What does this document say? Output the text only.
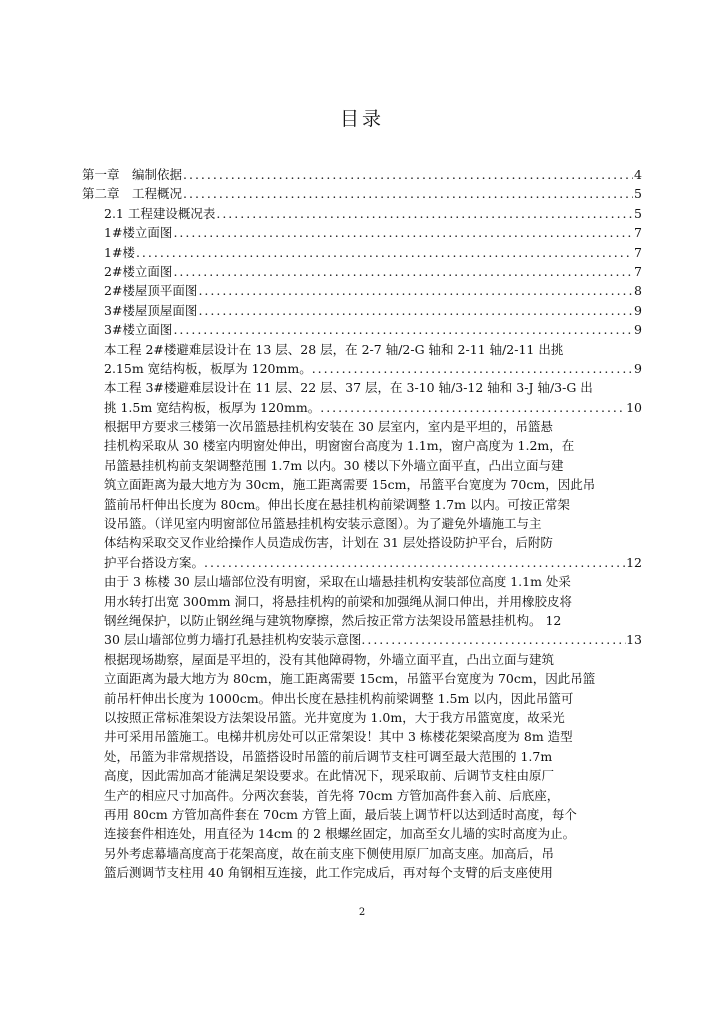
目录
第一章　编制依据 .....	4
第二章　工程概况 .....	5
2.1 工程建设概况表 .....	5
1#楼立面图 .....	7
1#楼 .....	7
2#楼立面图 .....	7
2#楼屋顶平面图 .....	8
3#楼屋顶屋面图 .....	9
3#楼立面图 .....	9
本工程 2#楼避难层设计在 13 层、28 层，在 2-7 轴/2-G 轴和 2-11 轴/2-11 出挑
2.15m 宽结构板，板厚为 120mm。 .....	9
本工程 3#楼避难层设计在 11 层、22 层、37 层，在 3-10 轴/3-12 轴和 3-J 轴/3-G 出
挑 1.5m 宽结构板，板厚为 120mm。 .....	10
根据甲方要求三楼第一次吊篮悬挂机构安装在 30 层室内，室内是平坦的，吊篮悬
挂机构采取从 30 楼室内明窗处伸出，明窗窗台高度为 1.1m，窗户高度为 1.2m，在
吊篮悬挂机构前支架调整范围 1.7m 以内。30 楼以下外墙立面平直，凸出立面与建
筑立面距离为最大地方为 30cm，施工距离需要 15cm，吊篮平台宽度为 70cm，因此吊
篮前吊杆伸出长度为 80cm。伸出长度在悬挂机构前梁调整 1.7m 以内。可按正常架
设吊篮。（详见室内明窗部位吊篮悬挂机构安装示意图）。为了避免外墙施工与主
体结构采取交叉作业给操作人员造成伤害，计划在 31 层处搭设防护平台，后附防
护平台搭设方案。 .....	12
由于 3 栋楼 30 层山墙部位没有明窗，采取在山墙悬挂机构安装部位高度 1.1m 处采
用水转打出宽 300mm 洞口，将悬挂机构的前梁和加强绳从洞口伸出，并用橡胶皮将
钢丝绳保护，以防止钢丝绳与建筑物摩擦，然后按正常方法架设吊篮悬挂机构。 12
30 层山墙部位剪力墙打孔悬挂机构安装示意图 .....	13
根据现场勘察，屋面是平坦的，没有其他障碍物，外墙立面平直，凸出立面与建筑
立面距离为最大地方为 80cm，施工距离需要 15cm，吊篮平台宽度为 70cm，因此吊篮
前吊杆伸出长度为 1000cm。伸出长度在悬挂机构前梁调整 1.5m 以内，因此吊篮可
以按照正常标准架设方法架设吊篮。光井宽度为 1.0m，大于我方吊篮宽度，故采光
井可采用吊篮施工。电梯井机房处可以正常架设！其中 3 栋楼花架梁高度为 8m 造型
处，吊篮为非常规搭设，吊篮搭设时吊篮的前后调节支柱可调至最大范围的 1.7m
高度，因此需加高才能满足架设要求。在此情况下，现采取前、后调节支柱由原厂
生产的相应尺寸加高件。分两次套装，首先将 70cm 方管加高件套入前、后底座，
再用 80cm 方管加高件套在 70cm 方管上面，最后装上调节杆以达到适时高度，每个
连接套件相连处，用直径为 14cm 的 2 根螺丝固定，加高至女儿墙的实时高度为止。
另外考虑幕墙高度高于花架高度，故在前支座下侧使用原厂加高支座。加高后，吊
篮后测调节支柱用 40 角钢相互连接，此工作完成后，再对每个支臂的后支座使用
2
